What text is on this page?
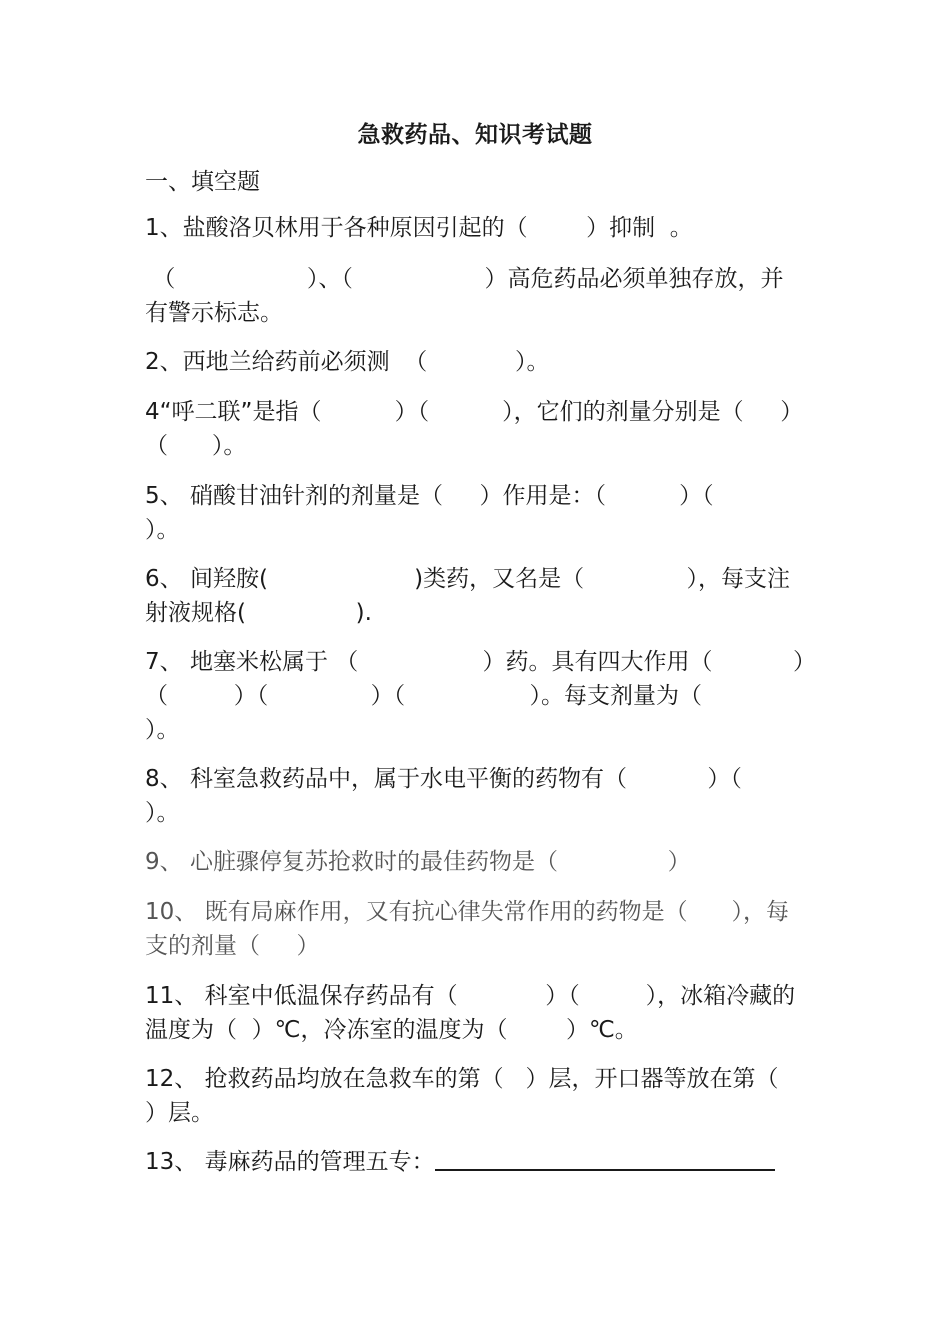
急救药品、知识考试题
一、填空题
1、盐酸洛贝林用于各种原因引起的（        ）抑制  。
（                  ）、（                  ）高危药品必须单独存放，并有警示标志。
2、西地兰给药前必须测  （            ）。
4“呼二联”是指（          ）（          ），它们的剂量分别是（     ）（      ）。
5、 硝酸甘油针剂的剂量是（     ）作用是：（          ）（                 ）。
6、 间羟胺(                    )类药，又名是（              ），每支注射液规格(               ).
7、 地塞米松属于 （                 ）药。具有四大作用（           ）（         ）（              ）（                 ）。每支剂量为（          ）。
8、 科室急救药品中，属于水电平衡的药物有（           ）（           ）。
9、 心脏骤停复苏抢救时的最佳药物是（               ）
10、 既有局麻作用，又有抗心律失常作用的药物是（      ），每支的剂量（     ）
11、 科室中低温保存药品有（            ）（         ），冰箱冷藏的温度为（  ）℃，冷冻室的温度为（        ）℃。
12、 抢救药品均放在急救车的第（   ）层，开口器等放在第（   ）层。
13、 毒麻药品的管理五专：
